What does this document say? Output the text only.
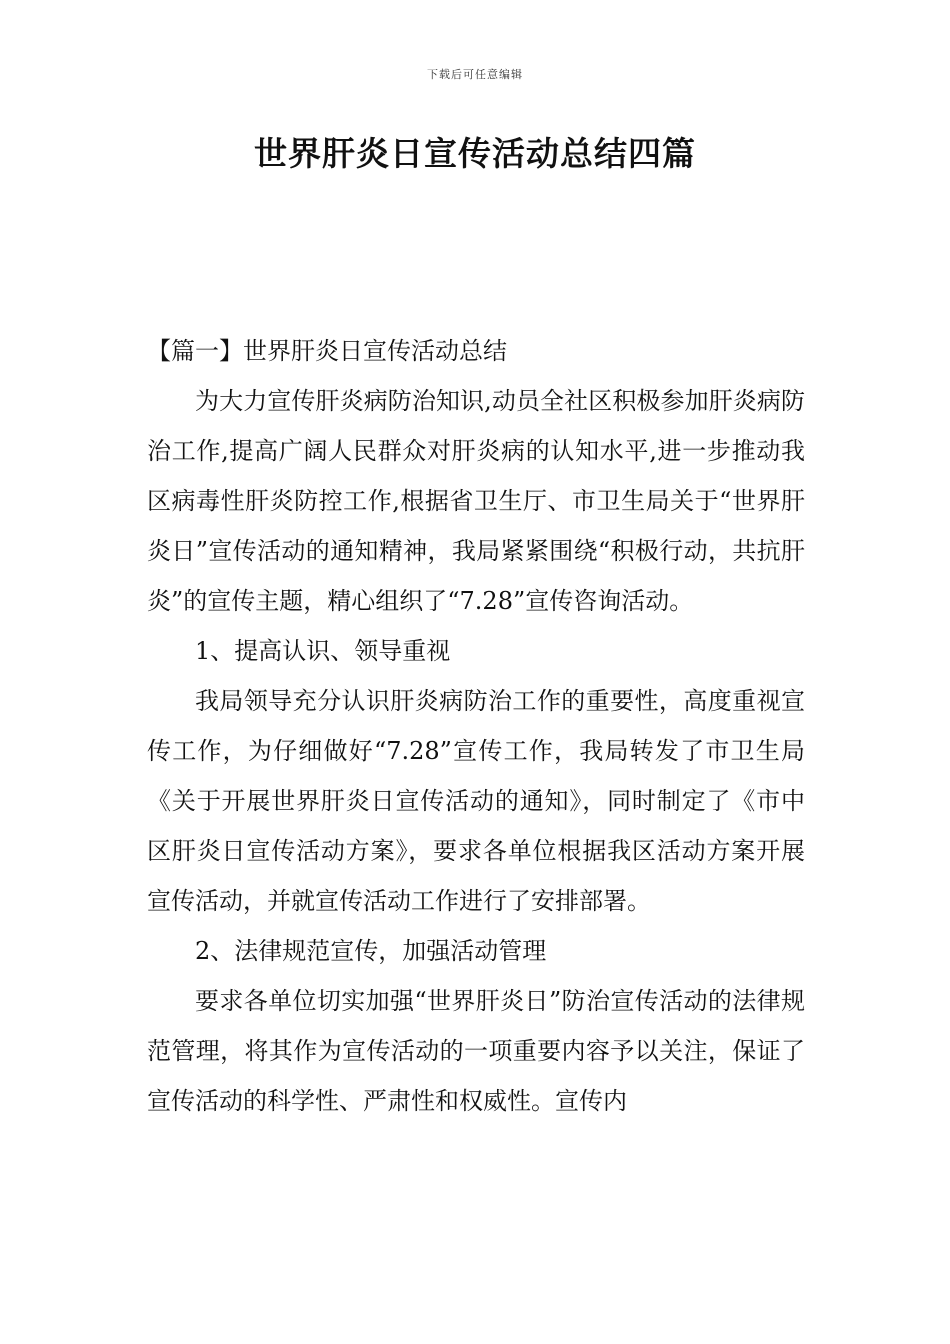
下载后可任意编辑
世界肝炎日宣传活动总结四篇

【篇一】世界肝炎日宣传活动总结

为大力宣传肝炎病防治知识,动员全社区积极参加肝炎病防治工作,提高广阔人民群众对肝炎病的认知水平,进一步推动我区病毒性肝炎防控工作,根据省卫生厅、市卫生局关于“世界肝炎日”宣传活动的通知精神，我局紧紧围绕“积极行动，共抗肝炎”的宣传主题，精心组织了“7.28”宣传咨询活动。

1、提高认识、领导重视

我局领导充分认识肝炎病防治工作的重要性，高度重视宣传工作，为仔细做好“7.28”宣传工作，我局转发了市卫生局《关于开展世界肝炎日宣传活动的通知》，同时制定了《市中区肝炎日宣传活动方案》，要求各单位根据我区活动方案开展宣传活动，并就宣传活动工作进行了安排部署。

2、法律规范宣传，加强活动管理

要求各单位切实加强“世界肝炎日”防治宣传活动的法律规范管理，将其作为宣传活动的一项重要内容予以关注，保证了宣传活动的科学性、严肃性和权威性。宣传内
